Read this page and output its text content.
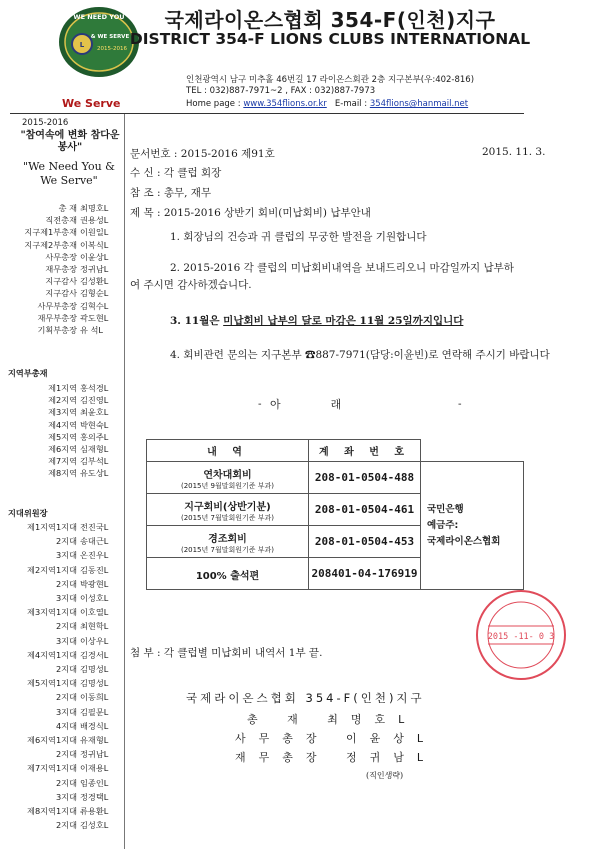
L
WE NEED YOU
& WE SERVE
2015-2016
국제라이온스협회 354-F(인천)지구
DISTRICT 354-F LIONS CLUBS INTERNATIONAL
인천광역시 남구 미추홀 46번길 17 라이온스회관 2층 지구본부(우:402-816)
TEL : 032)887-7971~2 , FAX : 032)887-7973
Home page : www.354flions.or.kr E-mail : 354flions@hanmail.net
We Serve
2015-2016
"참여속에 변화 참다운 봉사"
"We Need You & We Serve"
총 재 최명호L
직전총재 권용성L
지구제1부총재 이원일L
지구제2부총재 이복식L
사무총장 이윤상L
재무총장 정귀남L
지구감사 김성환L
지구감사 김형순L
사무부총장 김혁수L
재무부총장 곽도현L
기획부총장 유 석L
지역부총재
제1지역 홍석경L
제2지역 김진영L
제3지역 최윤호L
제4지역 박현숙L
제5지역 홍의주L
제6지역 심재형L
제7지역 김부석L
제8지역 유도상L
지대위원장
제1지역1지대 전진국L
2지대 송대근L
3지대 온진우L
제2지역1지대 김동진L
2지대 박광현L
3지대 이성호L
제3지역1지대 이호열L
2지대 최현학L
3지대 이상우L
제4지역1지대 김경서L
2지대 김명성L
제5지역1지대 김명성L
2지대 이동희L
3지대 김필문L
4지대 배경식L
제6지역1지대 유재형L
2지대 정귀남L
제7지역1지대 이재용L
2지대 임종인L
3지대 정경택L
제8지역1지대 류용환L
2지대 김성호L
문서번호 : 2015-2016 제91호	2015. 11. 3.
수 신 : 각 클럽 회장
참 조 : 총무, 재무
제 목 : 2015-2016 상반기 회비(미납회비) 납부안내
1. 회장님의 건승과 귀 클럽의 무궁한 발전을 기원합니다
2. 2015-2016 각 클럽의 미납회비내역을 보내드리오니 마감일까지 납부하
여 주시면 감사하겠습니다.
3. 11월은 미납회비 납부의 달로 마감은 11월 25일까지입니다
4. 회비관련 문의는 지구본부 ☎887-7971(담당:이윤빈)로 연락해 주시기 바랍니다
- 아래	-
내 역	계 좌 번 호	

연차대회비
(2015년 9월말회원기준 부과)	208-01-0504-488	국민은행
예금주:
국제라이온스협회

지구회비(상반기분)
(2015년 7월말회원기준 부과)	208-01-0504-461	

경조회비
(2015년 7월말회원기준 부과)	208-01-0504-453	

100% 출석편	208401-04-176919	
첨 부 : 각 클럽별 미납회비 내역서 1부 끝.
국제라이온스협회 354-F(인천)지구
총 재 최명호L
사무총장 이윤상L
재무총장 정귀남L
(직인생략)
2015 -11- 0 3
